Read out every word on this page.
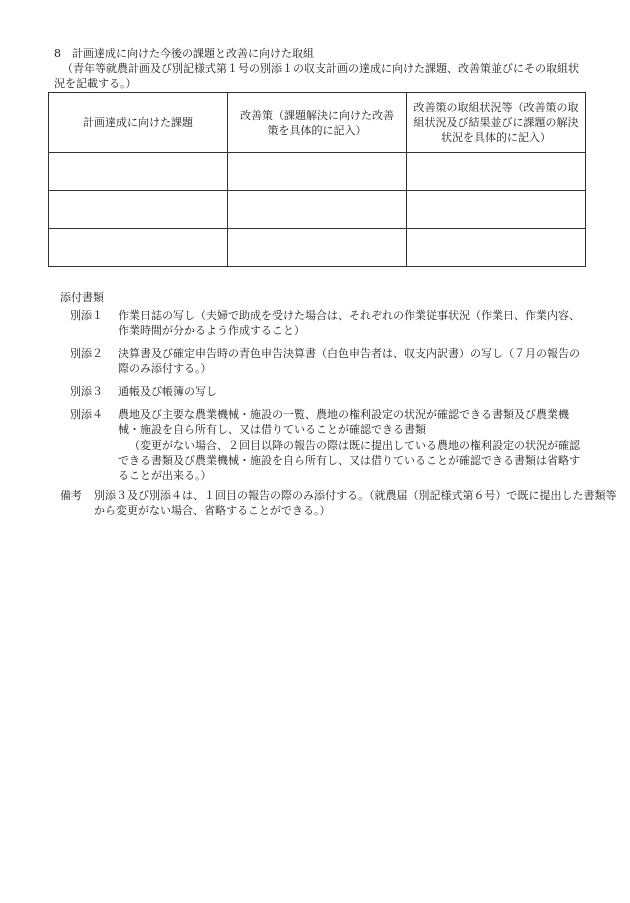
8 計画達成に向けた今後の課題と改善に向けた取組
（青年等就農計画及び別記様式第１号の別添１の収支計画の達成に向けた課題、改善策並びにその取組状況を記載する。）
計画達成に向けた課題	改善策（課題解決に向けた改善策を具体的に記入）	改善策の取組状況等（改善策の取組状況及び結果並びに課題の解決状況を具体的に記入）

添付書類
別添１ 作業日誌の写し（夫婦で助成を受けた場合は、それぞれの作業従事状況（作業日、作業内容、作業時間が分かるよう作成すること）
別添２ 決算書及び確定申告時の青色申告決算書（白色申告者は、収支内訳書）の写し（７月の報告の際のみ添付する。）
別添３ 通帳及び帳簿の写し
別添４ 農地及び主要な農業機械・施設の一覧、農地の権利設定の状況が確認できる書類及び農業機械・施設を自ら所有し、又は借りていることが確認できる書類
（変更がない場合、２回目以降の報告の際は既に提出している農地の権利設定の状況が確認できる書類及び農業機械・施設を自ら所有し、又は借りていることが確認できる書類は省略することが出来る。）
備考 別添３及び別添４は、１回目の報告の際のみ添付する。（就農届（別記様式第６号）で既に提出した書類等から変更がない場合、省略することができる。）
